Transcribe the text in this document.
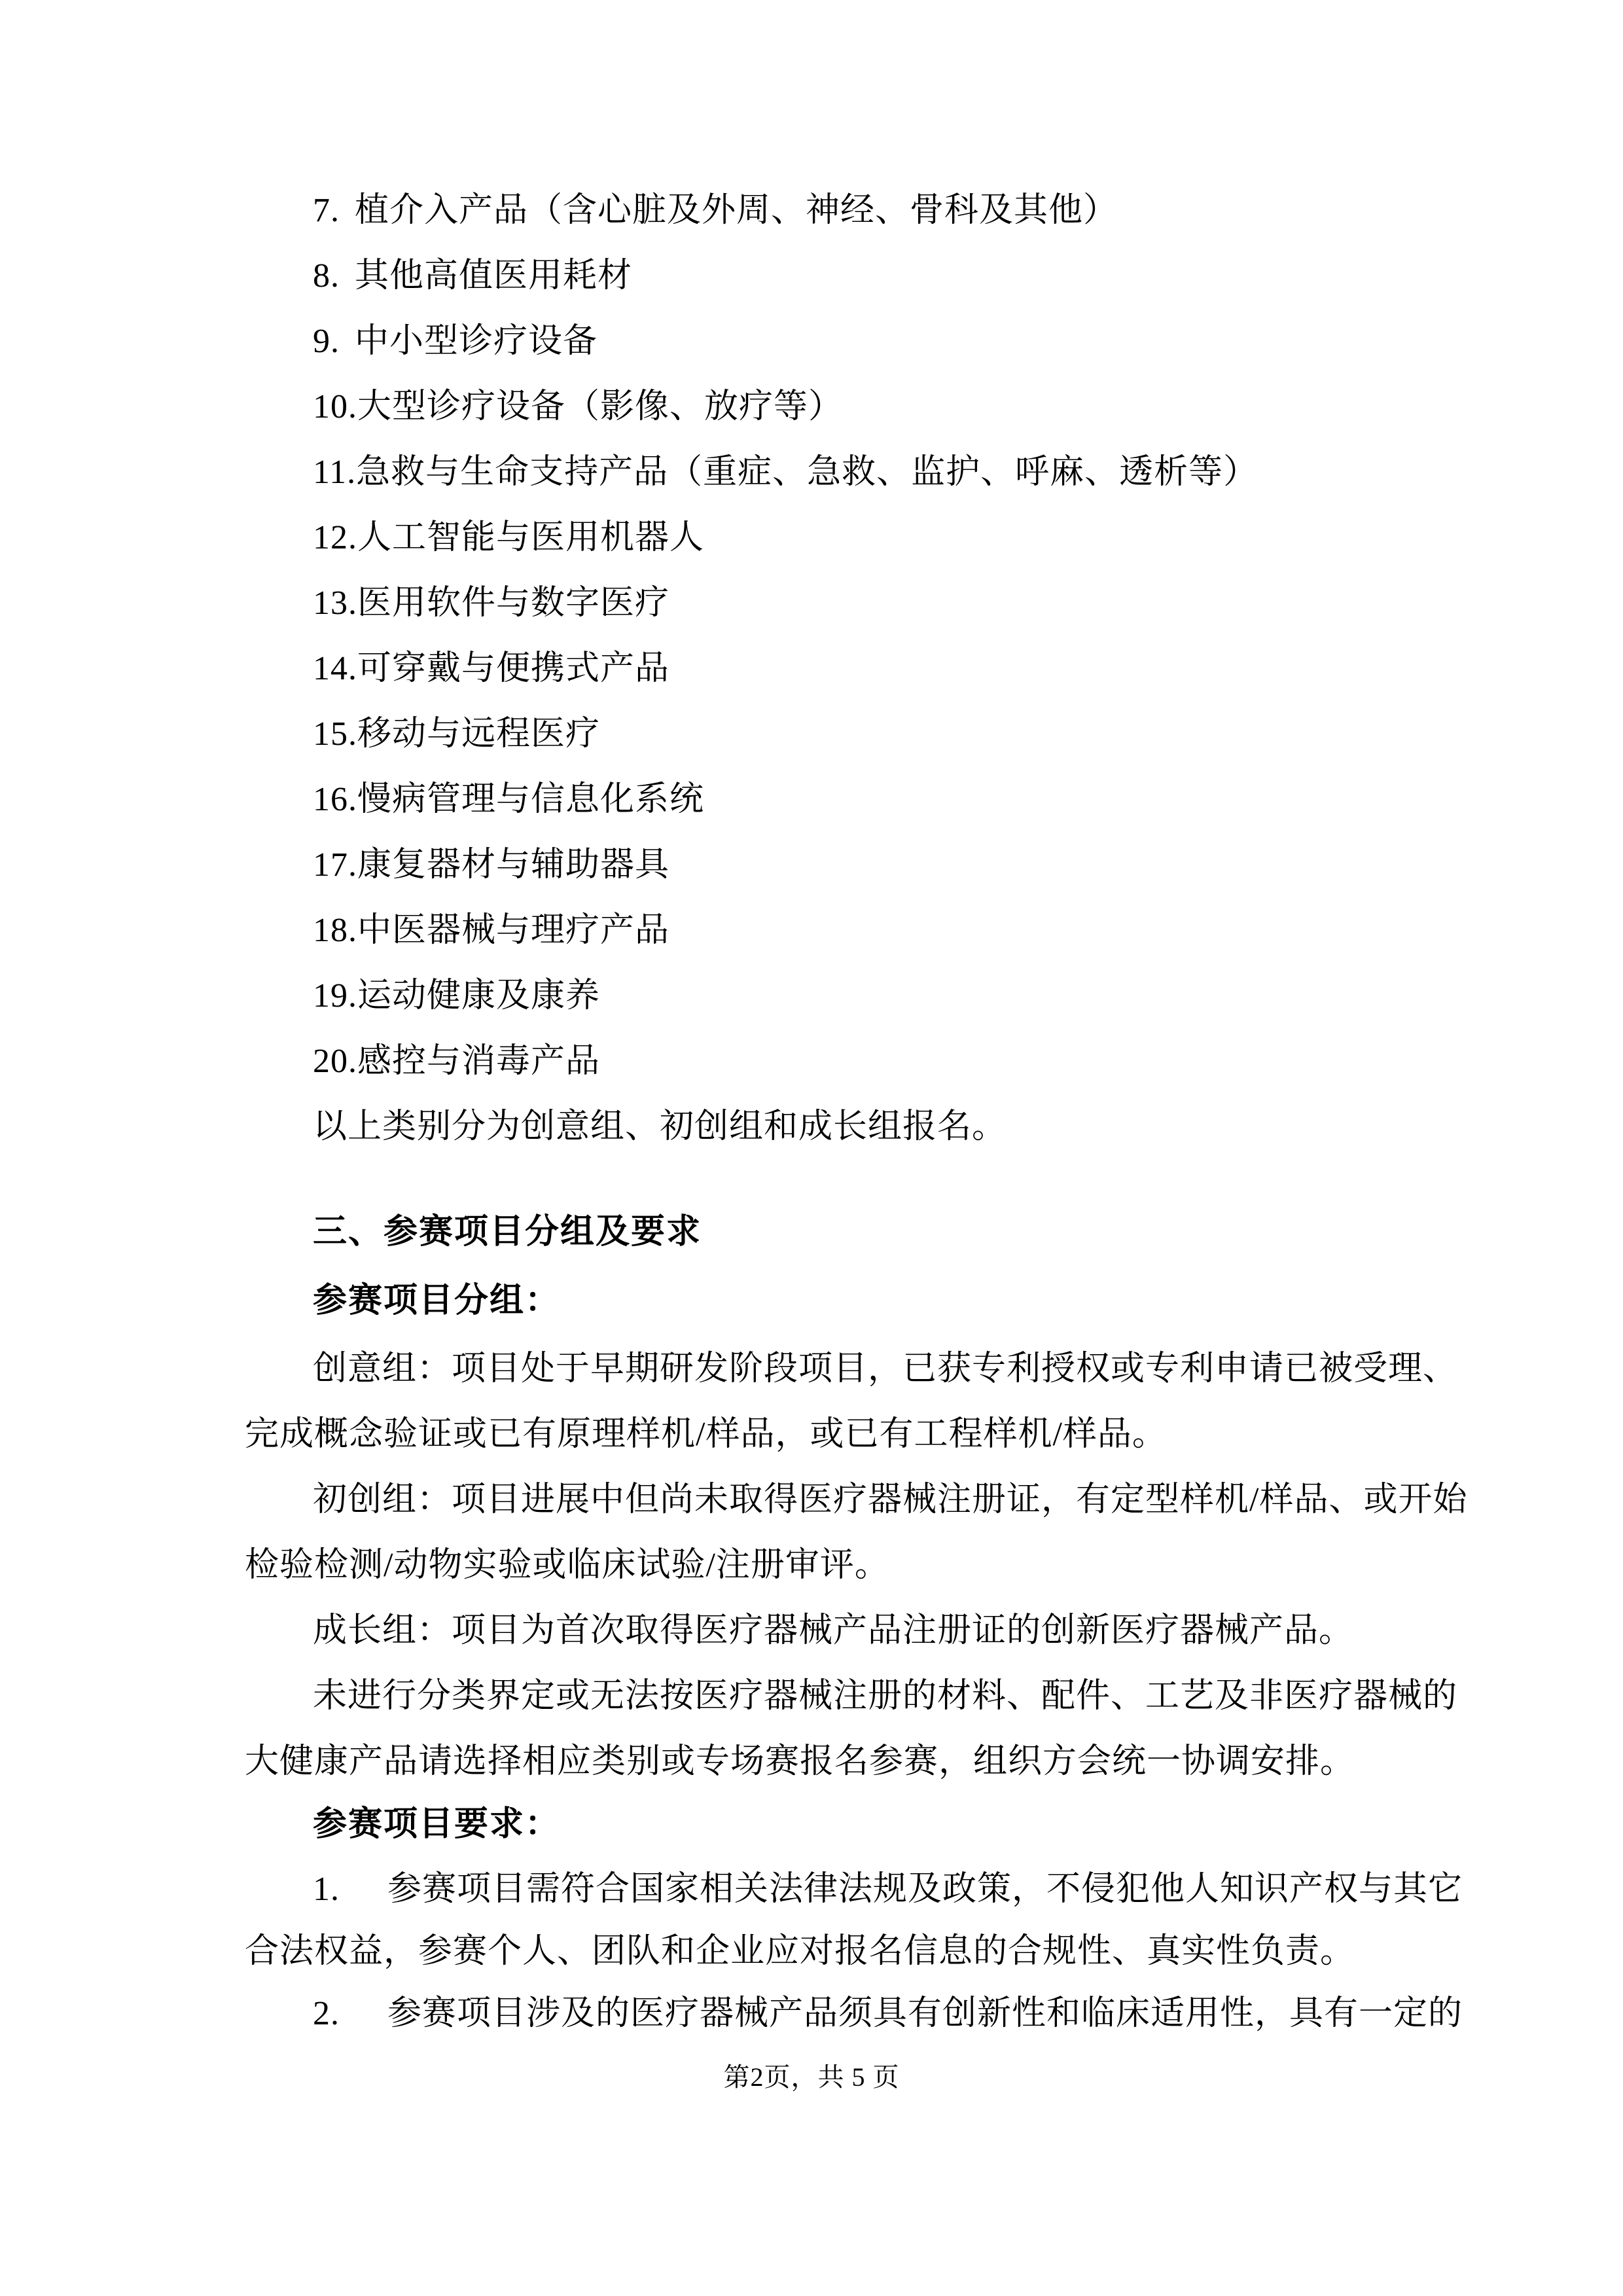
7. 植介入产品（含心脏及外周、神经、骨科及其他）
8. 其他高值医用耗材
9. 中小型诊疗设备
10.大型诊疗设备（影像、放疗等）
11.急救与生命支持产品（重症、急救、监护、呼麻、透析等）
12.人工智能与医用机器人
13.医用软件与数字医疗
14.可穿戴与便携式产品
15.移动与远程医疗
16.慢病管理与信息化系统
17.康复器材与辅助器具
18.中医器械与理疗产品
19.运动健康及康养
20.感控与消毒产品
以上类别分为创意组、初创组和成长组报名。
三、参赛项目分组及要求
参赛项目分组：
创意组：项目处于早期研发阶段项目，已获专利授权或专利申请已被受理、
完成概念验证或已有原理样机/样品，或已有工程样机/样品。
初创组：项目进展中但尚未取得医疗器械注册证，有定型样机/样品、或开始
检验检测/动物实验或临床试验/注册审评。
成长组：项目为首次取得医疗器械产品注册证的创新医疗器械产品。
未进行分类界定或无法按医疗器械注册的材料、配件、工艺及非医疗器械的
大健康产品请选择相应类别或专场赛报名参赛，组织方会统一协调安排。
参赛项目要求：
1. 参赛项目需符合国家相关法律法规及政策，不侵犯他人知识产权与其它
合法权益，参赛个人、团队和企业应对报名信息的合规性、真实性负责。
2. 参赛项目涉及的医疗器械产品须具有创新性和临床适用性，具有一定的
第2页，共 5 页
